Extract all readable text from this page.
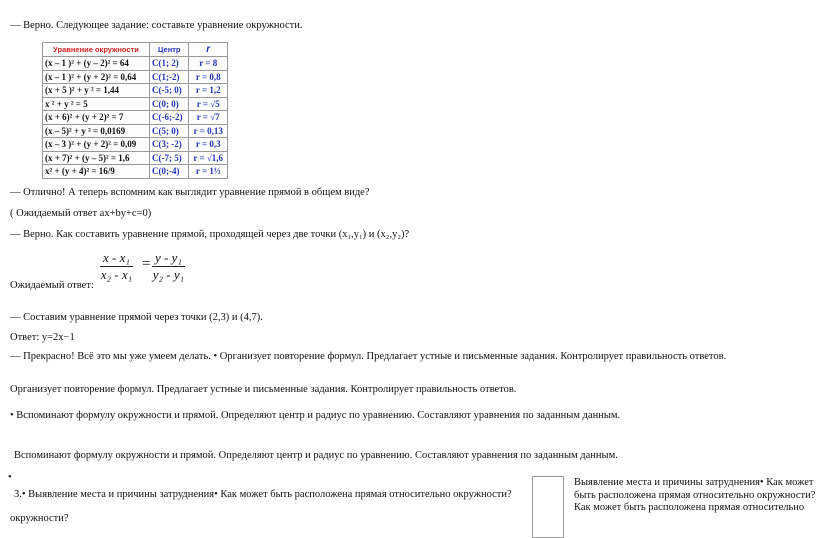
— Верно. Следующее задание: составьте уравнение окружности.
Уравнение окружности	Центр	r
(x – 1 )² + (y – 2)² = 64	C(1; 2)	r = 8
(x – 1 )² + (y + 2)² = 0,64	C(1;-2)	r = 0,8
(x + 5 )² + y ² = 1,44	C(-5; 0)	r = 1,2
x ² + y ² = 5	C(0; 0)	r = √5
(x + 6)² + (y + 2)² = 7	C(-6;-2)	r = √7
(x – 5)² + y ² = 0,0169	C(5; 0)	r = 0,13
(x – 3 )² + (y + 2)² = 0,09	C(3; -2)	r = 0,3
(x + 7)² + (y – 5)² = 1,6	C(-7; 5)	r = √1,6
x² + (y + 4)² = 16/9	C(0;-4)	r = 1⅓
— Отлично! А теперь вспомним как выглядит уравнение прямой в общем виде?
( Ожидаемый ответ ax+by+c=0)
— Верно. Как составить уравнение прямой, проходящей через две точки (x₁,y₁) и (x₂,y₂)?
$\frac{\text{x - x₁}}{\text{x₂ - x₁}} = \frac{\text{y - y₁}}{\text{y₂ - y₁}}$
Ожидаемый ответ:
— Составим уравнение прямой через точки (2,3) и (4,7).
Ответ: y=2x−1
— Прекрасно! Всё это мы уже умеем делать. • Организует повторение формул. Предлагает устные и письменные задания. Контролирует правильность ответов.
Организует повторение формул. Предлагает устные и письменные задания. Контролирует правильность ответов.
• Вспоминают формулу окружности и прямой. Определяют центр и радиус по уравнению. Составляют уравнения по заданным данным.
Вспоминают формулу окружности и прямой. Определяют центр и радиус по уравнению. Составляют уравнения по заданным данным.
•
3.• Выявление места и причины затруднения• Как может быть расположена прямая относительно окружности?
окружности?
Выявление места и причины затруднения• Как может
быть расположена прямая относительно окружности?
Как может быть расположена прямая относительно
